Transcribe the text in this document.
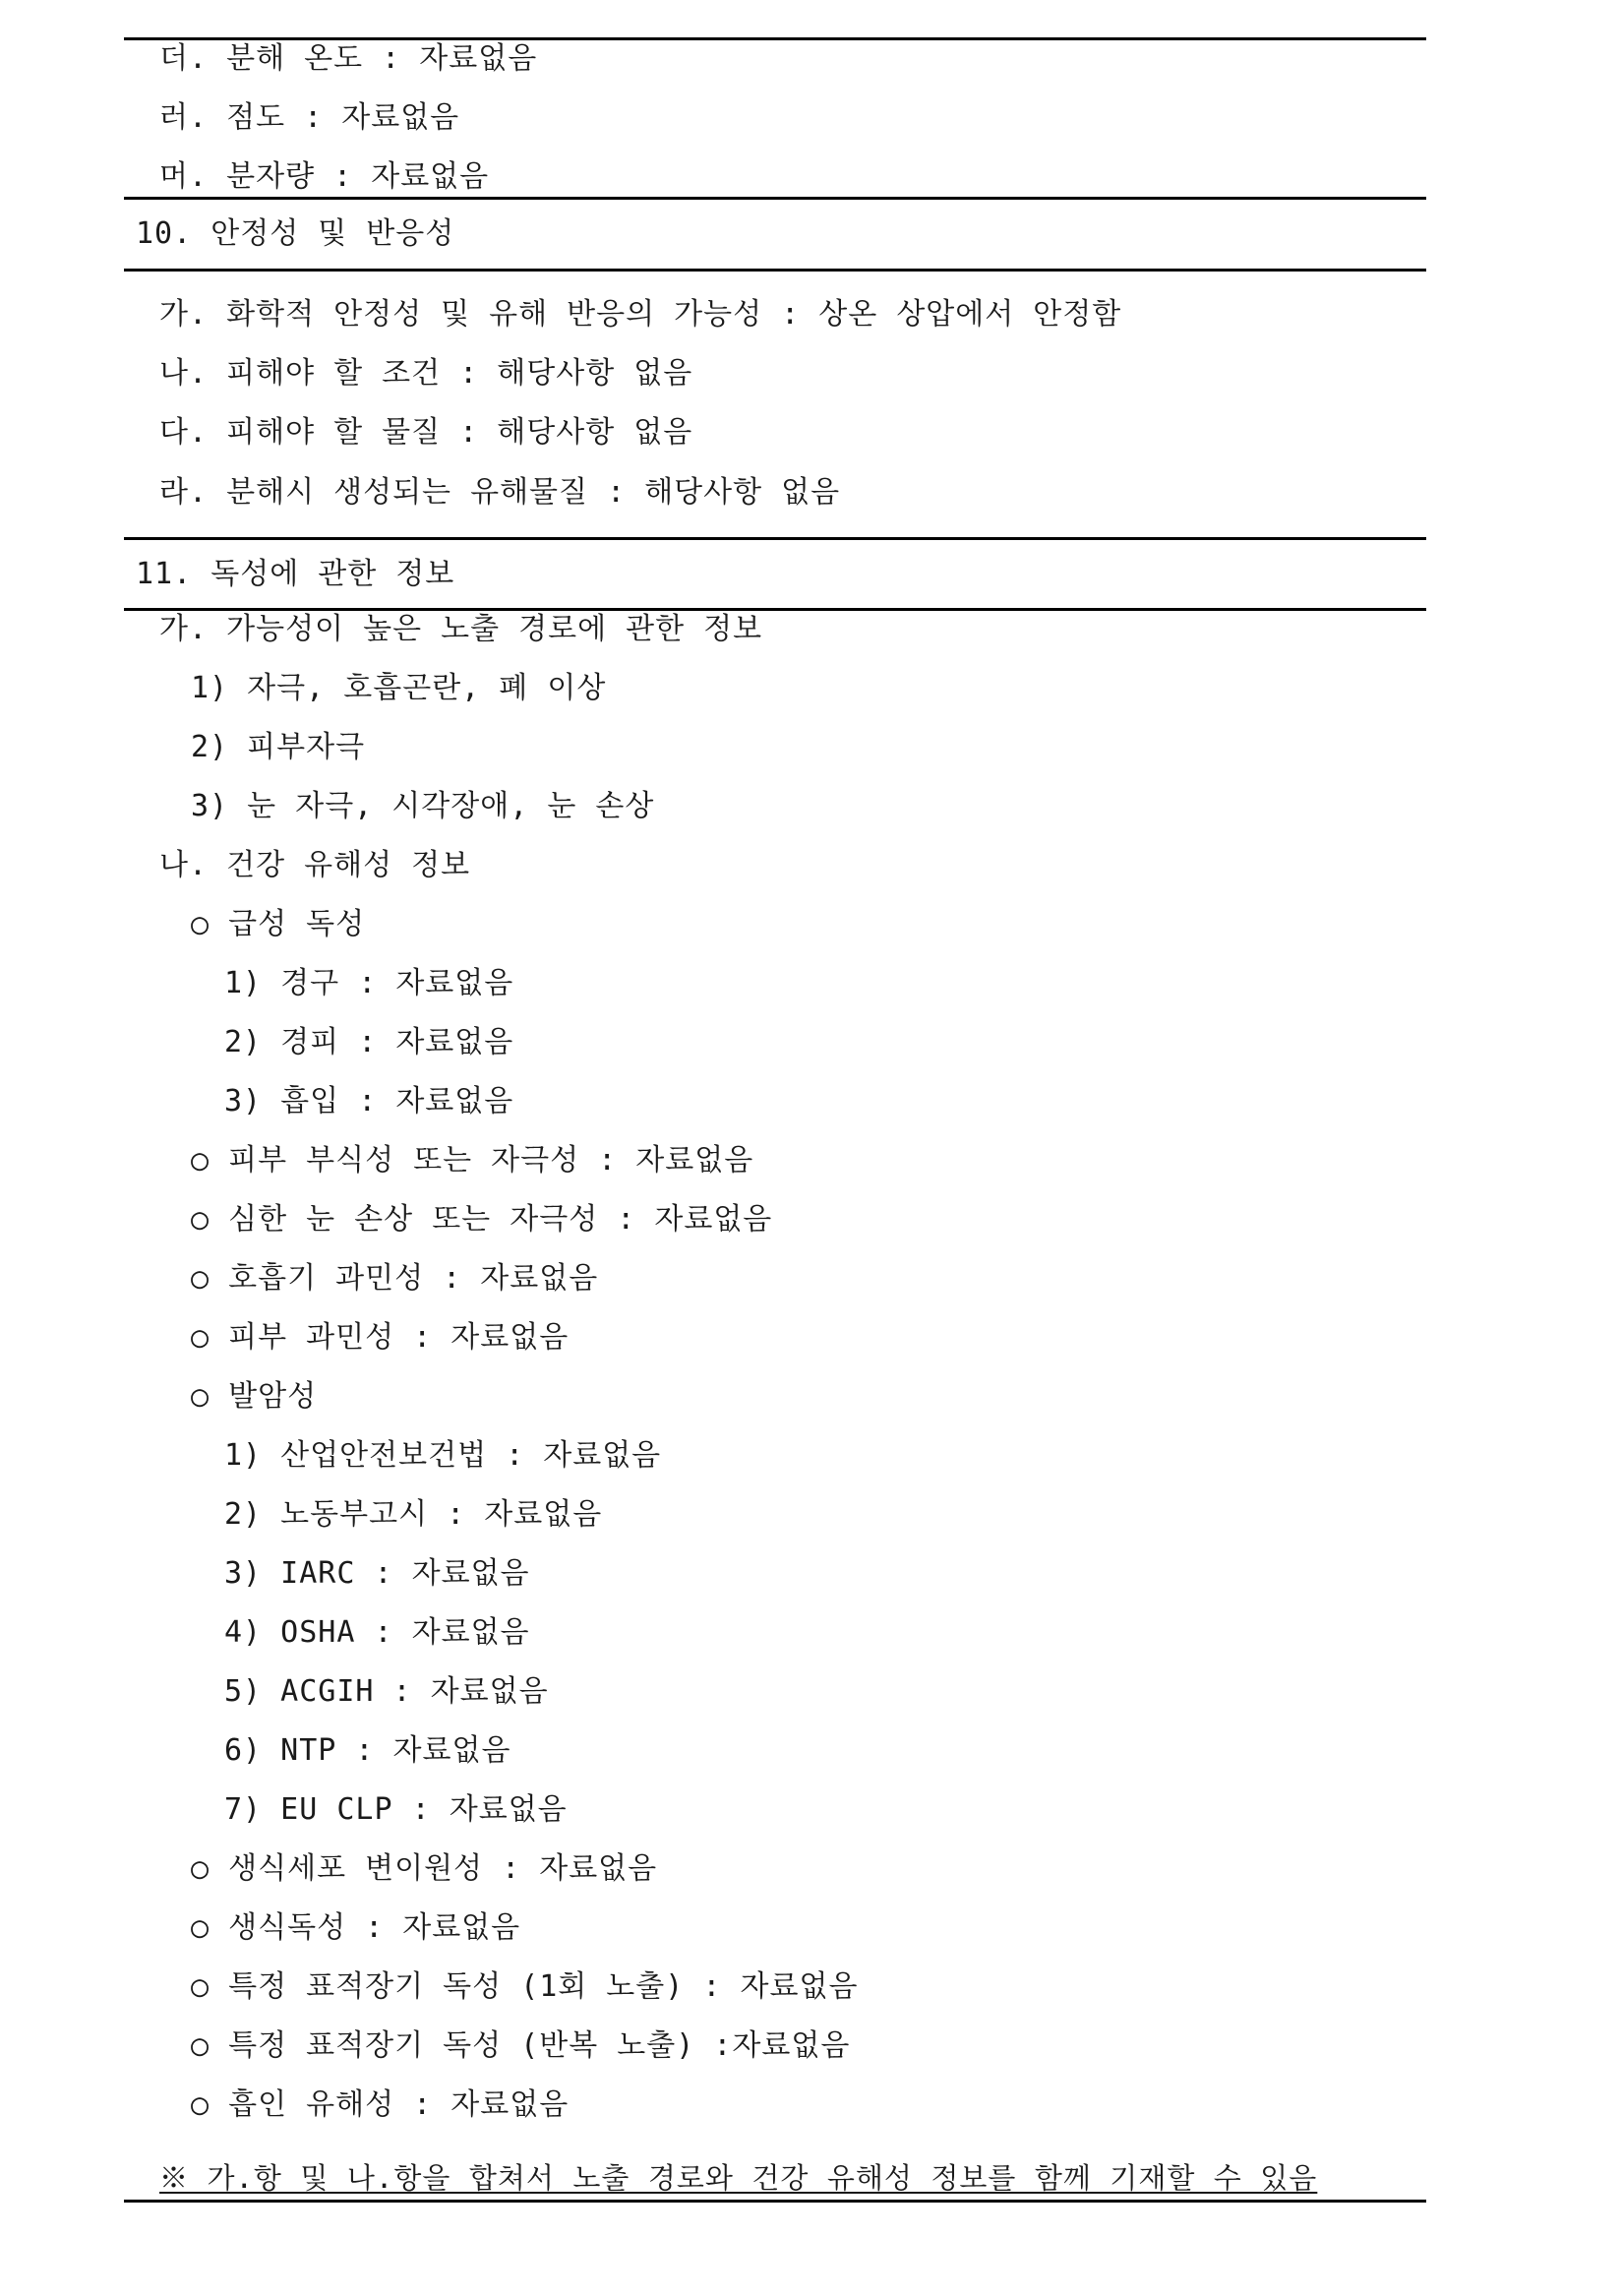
더. 분해 온도 : 자료없음
러. 점도 : 자료없음
머. 분자량 : 자료없음
10. 안정성 및 반응성
가. 화학적 안정성 및 유해 반응의 가능성 : 상온 상압에서 안정함
나. 피해야 할 조건 : 해당사항 없음
다. 피해야 할 물질 : 해당사항 없음
라. 분해시 생성되는 유해물질 : 해당사항 없음
11. 독성에 관한 정보
가. 가능성이 높은 노출 경로에 관한 정보
1) 자극, 호흡곤란, 폐 이상
2) 피부자극
3) 눈 자극, 시각장애, 눈 손상
나. 건강 유해성 정보
○ 급성 독성
1) 경구 : 자료없음
2) 경피 : 자료없음
3) 흡입 : 자료없음
○ 피부 부식성 또는 자극성 : 자료없음
○ 심한 눈 손상 또는 자극성 : 자료없음
○ 호흡기 과민성 : 자료없음
○ 피부 과민성 : 자료없음
○ 발암성
1) 산업안전보건법 : 자료없음
2) 노동부고시 : 자료없음
3) IARC : 자료없음
4) OSHA : 자료없음
5) ACGIH : 자료없음
6) NTP : 자료없음
7) EU CLP : 자료없음
○ 생식세포 변이원성 : 자료없음
○ 생식독성 : 자료없음
○ 특정 표적장기 독성 (1회 노출) : 자료없음
○ 특정 표적장기 독성 (반복 노출) :자료없음
○ 흡인 유해성 : 자료없음
※ 가.항 및 나.항을 합쳐서 노출 경로와 건강 유해성 정보를 함께 기재할 수 있음
